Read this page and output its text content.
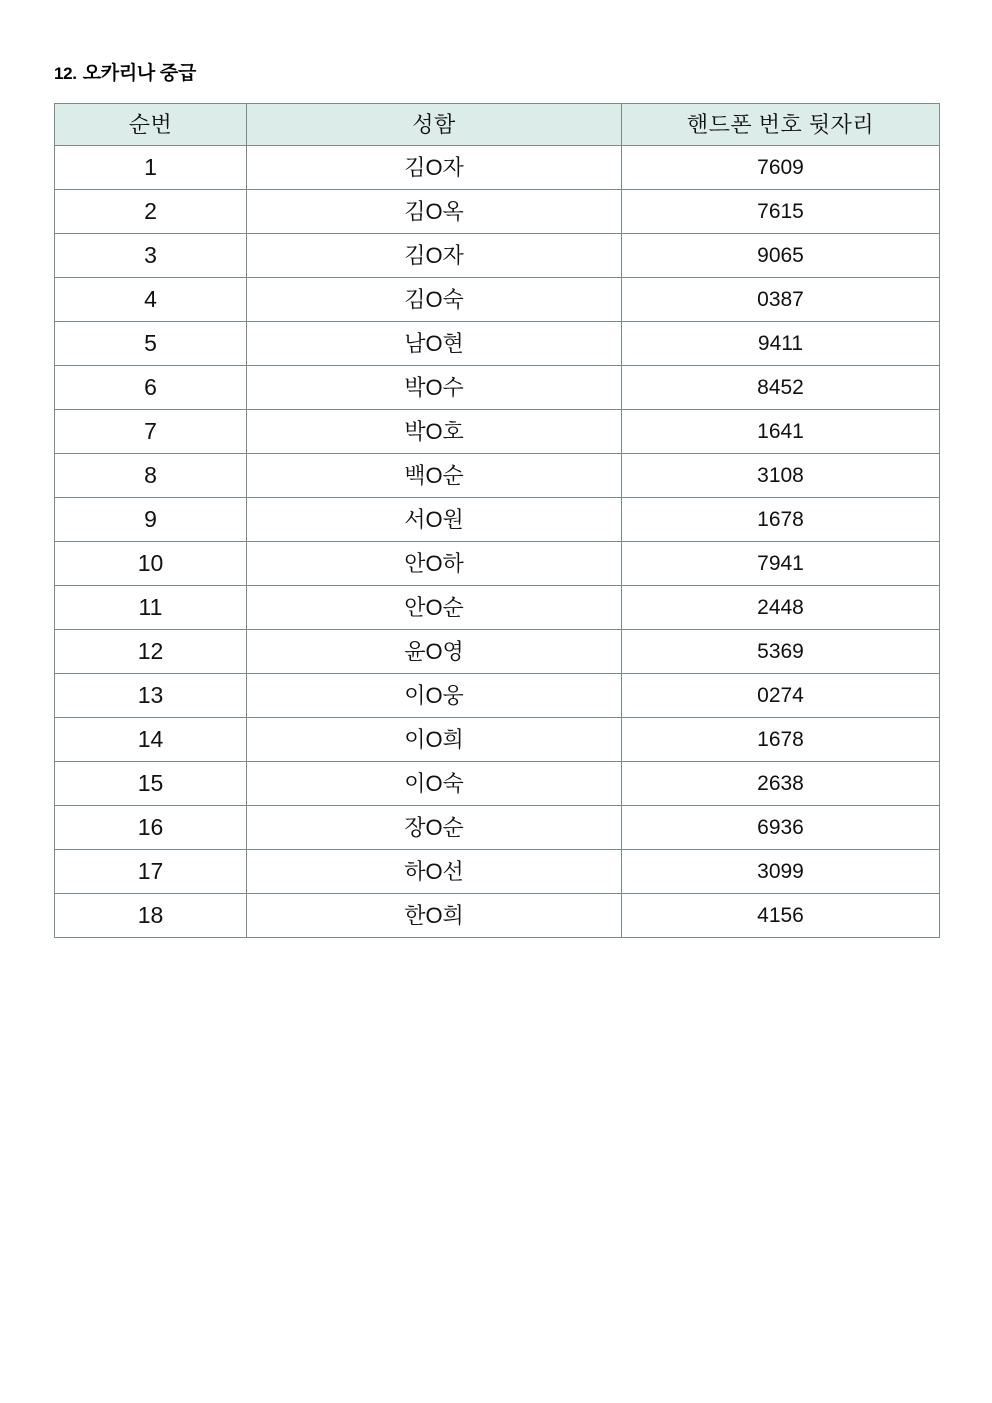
12. 오카리나 중급
순번	성함	핸드폰 번호 뒷자리
1	김O자	7609
2	김O옥	7615
3	김O자	9065
4	김O숙	0387
5	남O현	9411
6	박O수	8452
7	박O호	1641
8	백O순	3108
9	서O원	1678
10	안O하	7941
11	안O순	2448
12	윤O영	5369
13	이O웅	0274
14	이O희	1678
15	이O숙	2638
16	장O순	6936
17	하O선	3099
18	한O희	4156
